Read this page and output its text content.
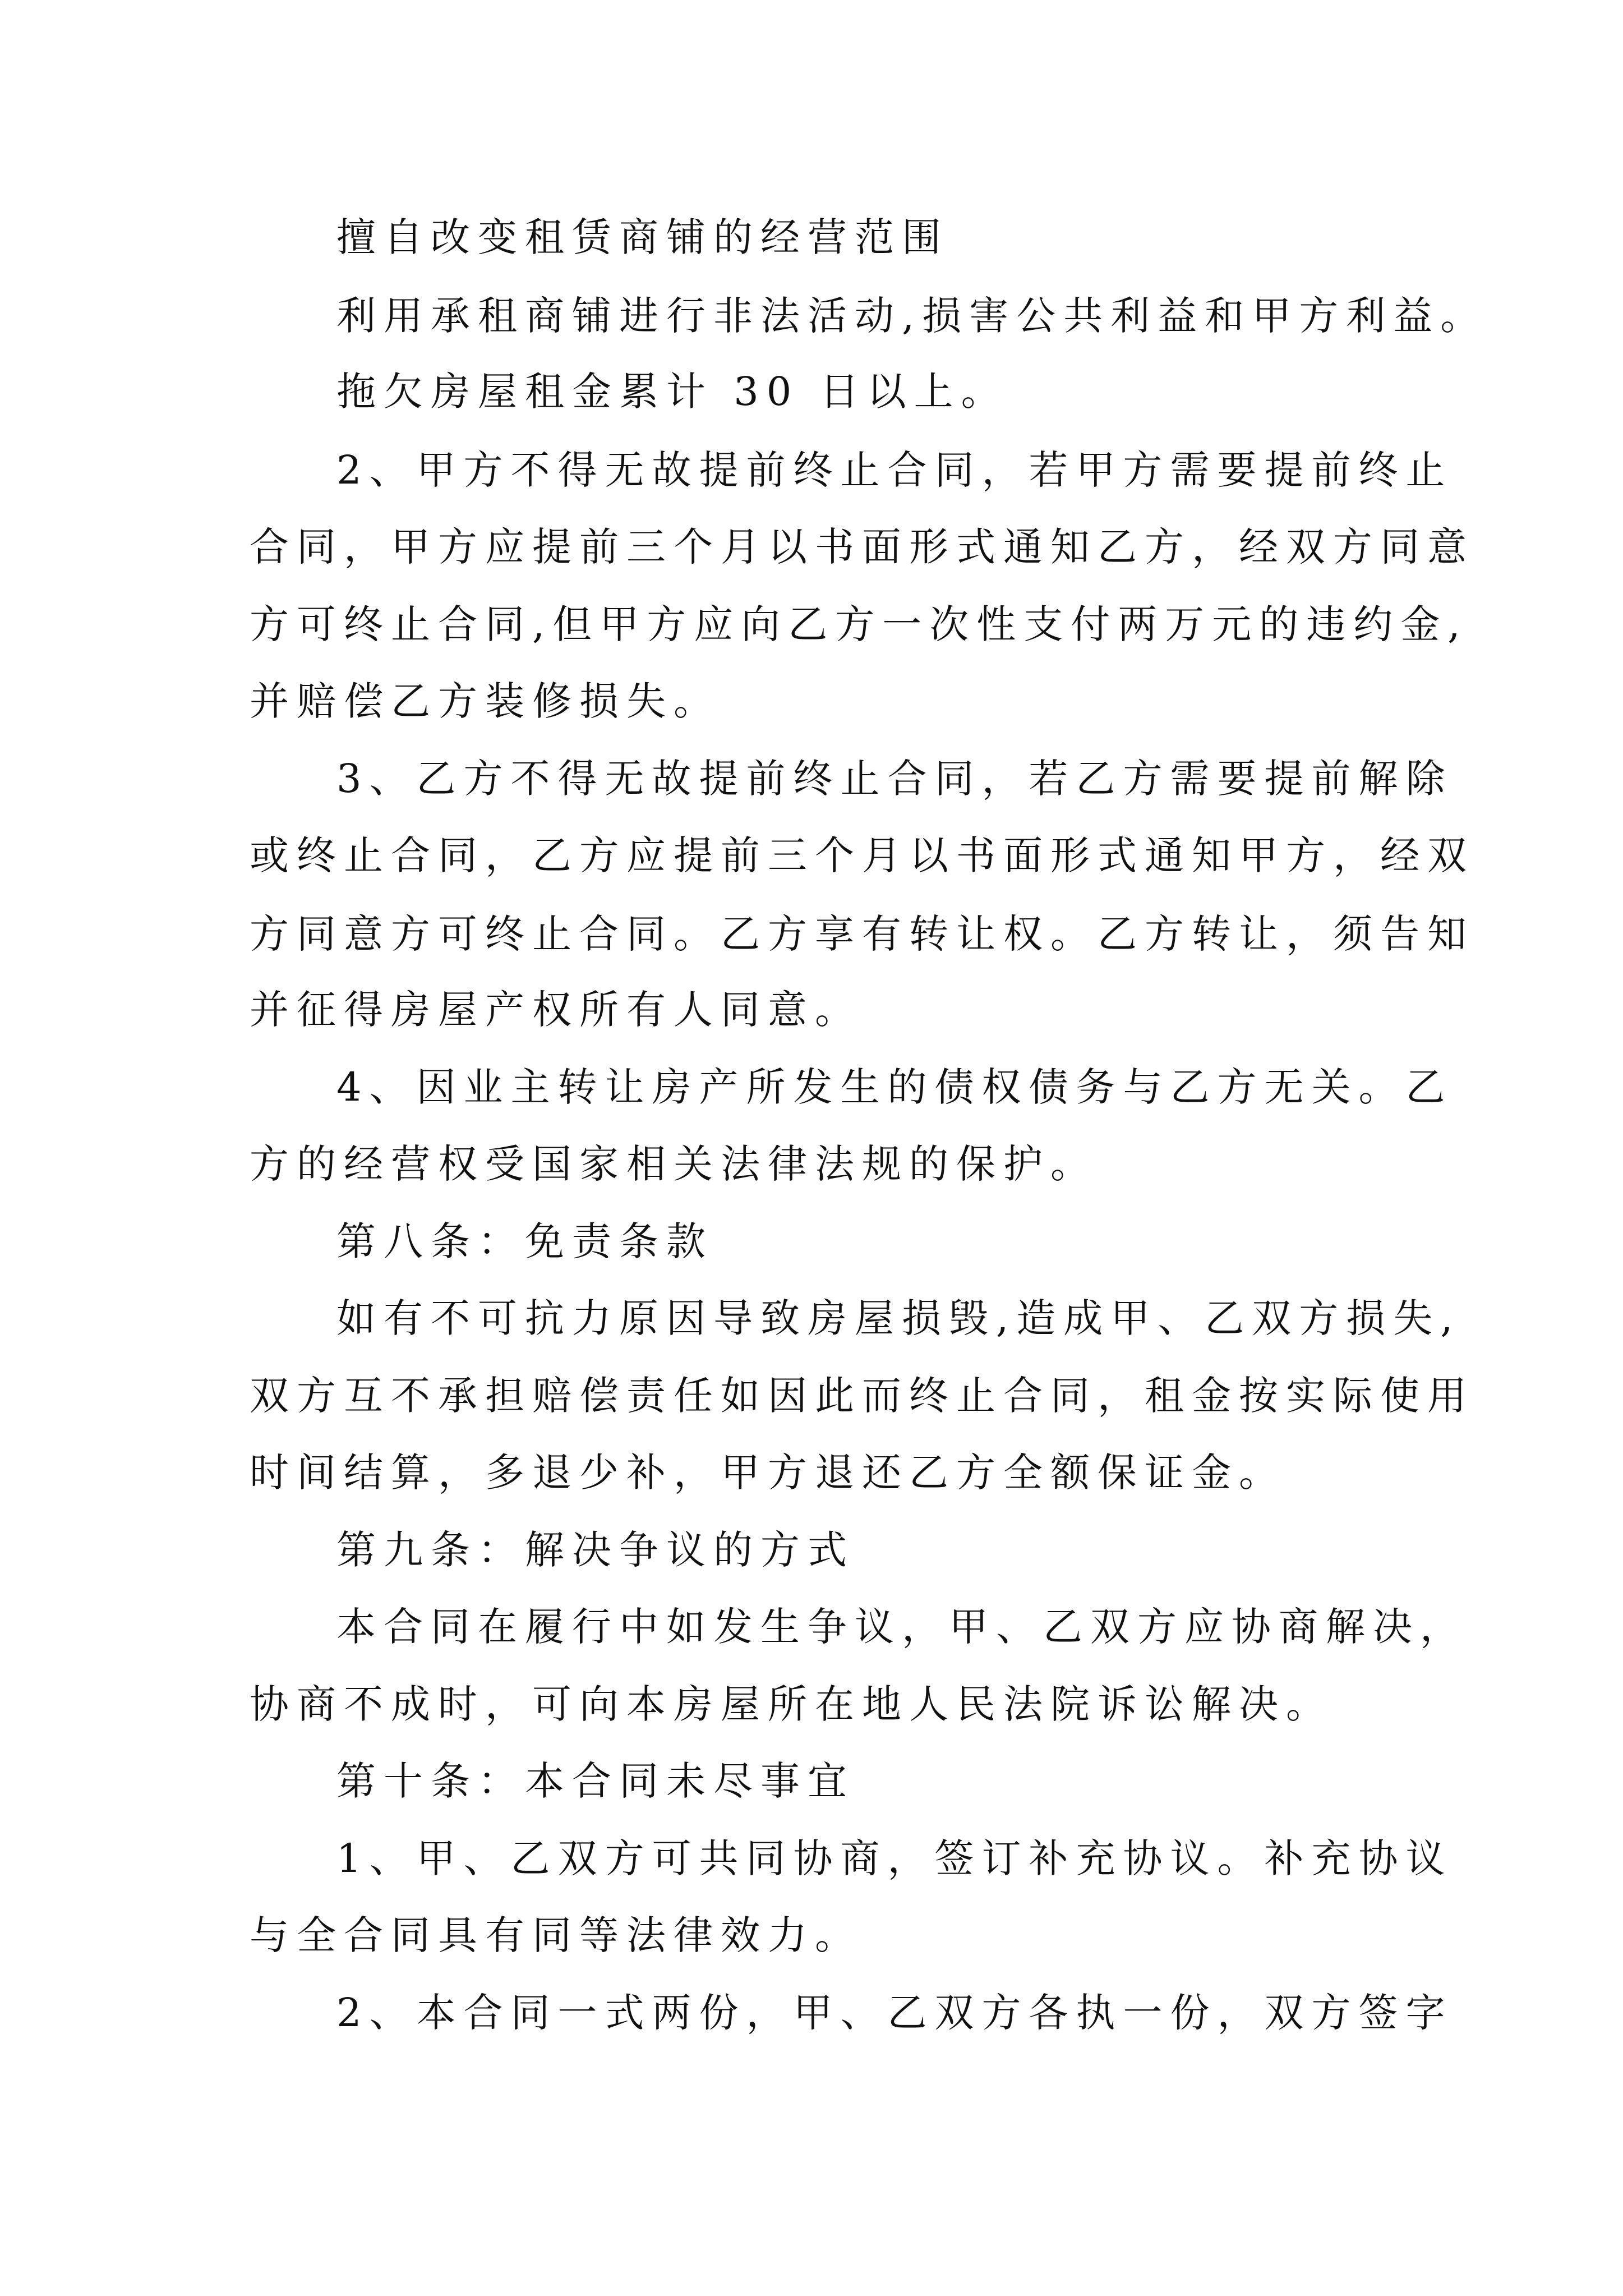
擅自改变租赁商铺的经营范围
利用承租商铺进行非法活动,损害公共利益和甲方利益。
拖欠房屋租金累计 30 日以上。
2、甲方不得无故提前终止合同，若甲方需要提前终止
合同，甲方应提前三个月以书面形式通知乙方，经双方同意
方可终止合同,但甲方应向乙方一次性支付两万元的违约金,
并赔偿乙方装修损失。
3、乙方不得无故提前终止合同，若乙方需要提前解除
或终止合同，乙方应提前三个月以书面形式通知甲方，经双
方同意方可终止合同。乙方享有转让权。乙方转让，须告知
并征得房屋产权所有人同意。
4、因业主转让房产所发生的债权债务与乙方无关。乙
方的经营权受国家相关法律法规的保护。
第八条：免责条款
如有不可抗力原因导致房屋损毁,造成甲、乙双方损失,
双方互不承担赔偿责任如因此而终止合同，租金按实际使用
时间结算，多退少补，甲方退还乙方全额保证金。
第九条：解决争议的方式
本合同在履行中如发生争议，甲、乙双方应协商解决，
协商不成时，可向本房屋所在地人民法院诉讼解决。
第十条：本合同未尽事宜
1、甲、乙双方可共同协商，签订补充协议。补充协议
与全合同具有同等法律效力。
2、本合同一式两份，甲、乙双方各执一份，双方签字
